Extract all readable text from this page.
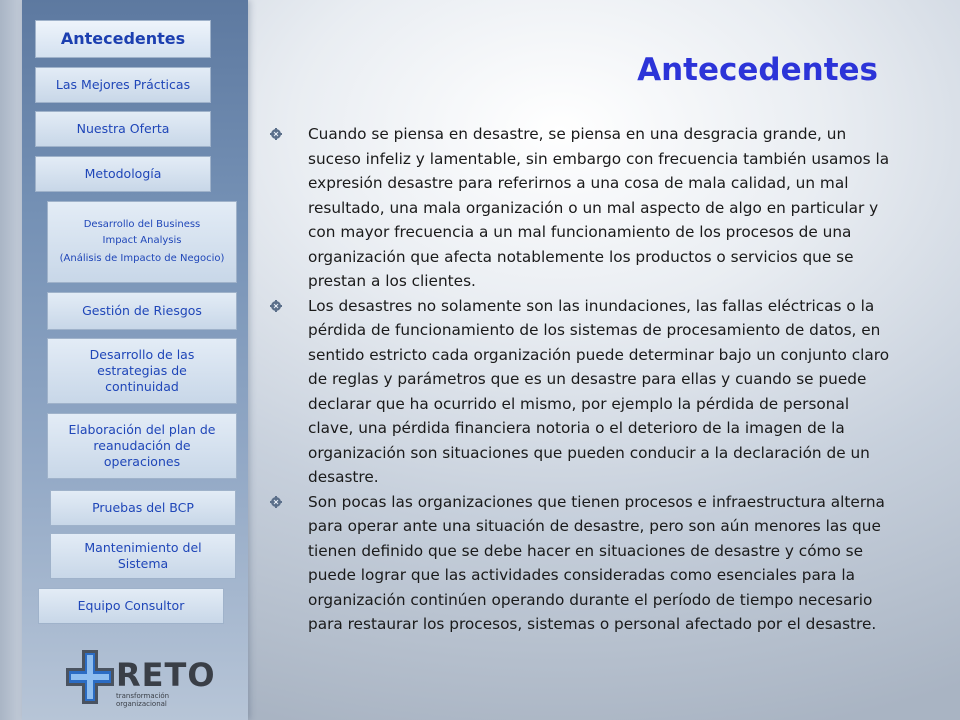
Antecedentes
Las Mejores Prácticas
Nuestra Oferta
Metodología
Desarrollo del Business
Impact Analysis
(Análisis de Impacto de Negocio)
Gestión de Riesgos
Desarrollo de las
estrategias de
continuidad
Elaboración del plan de
reanudación de
operaciones
Pruebas del BCP
Mantenimiento del
Sistema
Equipo Consultor
RETO
transformación organizacional
Antecedentes
Cuando se piensa en desastre, se piensa en una desgracia grande, un suceso infeliz y lamentable, sin embargo con frecuencia también usamos la expresión desastre para referirnos a una cosa de mala calidad, un mal resultado, una mala organización o un mal aspecto de algo en particular y con mayor frecuencia a un mal funcionamiento de los procesos de una organización que afecta notablemente los productos o servicios que se prestan a los clientes.
Los desastres no solamente son las inundaciones, las fallas eléctricas o la pérdida de funcionamiento de los sistemas de procesamiento de datos, en sentido estricto cada organización puede determinar bajo un conjunto claro de reglas y parámetros que es un desastre para ellas y cuando se puede declarar que ha ocurrido el mismo, por ejemplo la pérdida de personal clave, una pérdida financiera notoria o el deterioro de la imagen de la organización son situaciones que pueden conducir a la declaración de un desastre.
Son pocas las organizaciones que tienen procesos e infraestructura alterna para operar ante una situación de desastre, pero son aún menores las que tienen definido que se debe hacer en situaciones de desastre y cómo se puede lograr que las actividades consideradas como esenciales para la organización continúen operando durante el período de tiempo necesario para restaurar los procesos, sistemas o personal afectado por el desastre.
